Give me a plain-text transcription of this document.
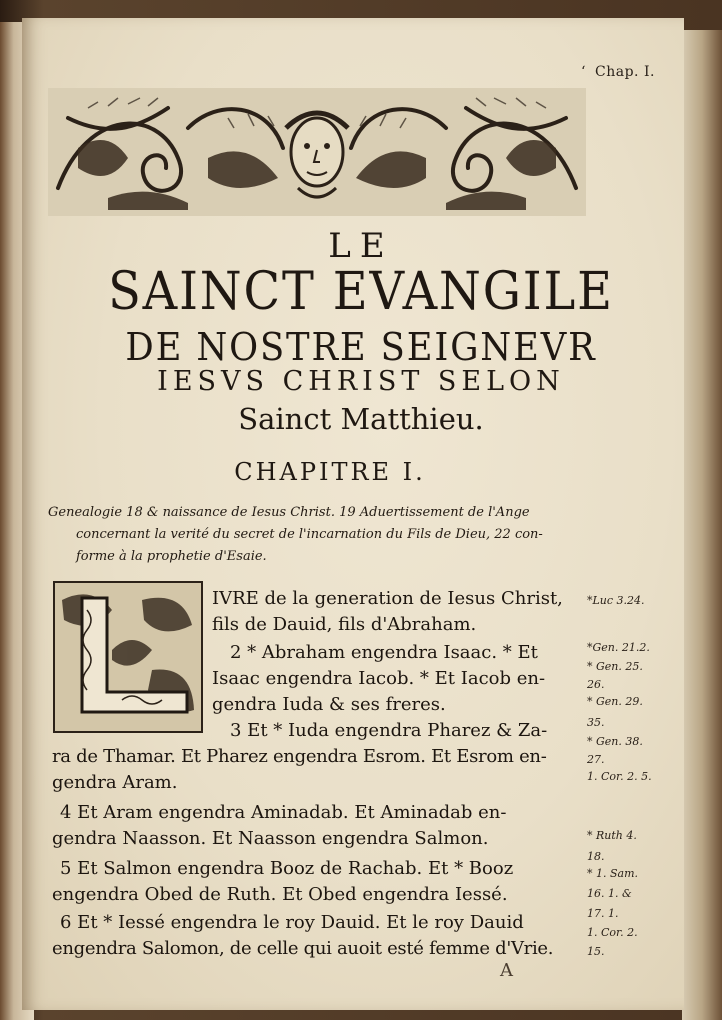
ʻ Chap. I.
LE
SAINCT EVANGILE
DE NOSTRE SEIGNEVR
IESVS CHRIST SELON
Sainct Matthieu.
CHAPITRE I.
Genealogie 18 & naissance de Iesus Christ. 19 Aduertissement de l'Ange
concernant la verité du secret de l'incarnation du Fils de Dieu, 22 con-
forme à la prophetie d'Esaie.
IVRE de la generation de Iesus Christ,
fils de Dauid, fils d'Abraham.
2 * Abraham engendra Isaac. * Et
Isaac engendra Iacob. * Et Iacob en-
gendra Iuda & ses freres.
3 Et * Iuda engendra Pharez & Za-
ra de Thamar. Et Pharez engendra Esrom. Et Esrom en-
gendra Aram.
4 Et Aram engendra Aminadab. Et Aminadab en-
gendra Naasson. Et Naasson engendra Salmon.
5 Et Salmon engendra Booz de Rachab. Et * Booz
engendra Obed de Ruth. Et Obed engendra Iessé.
6 Et * Iessé engendra le roy Dauid. Et le roy Dauid
engendra Salomon, de celle qui auoit esté femme d'Vrie.
*Luc 3.24.
*Gen. 21.2.
* Gen. 25.
26.
* Gen. 29.
35.
* Gen. 38.
27.
1. Cor. 2. 5.
* Ruth 4.
18.
* 1. Sam.
16. 1. &
17. 1.
1. Cor. 2.
15.
A
